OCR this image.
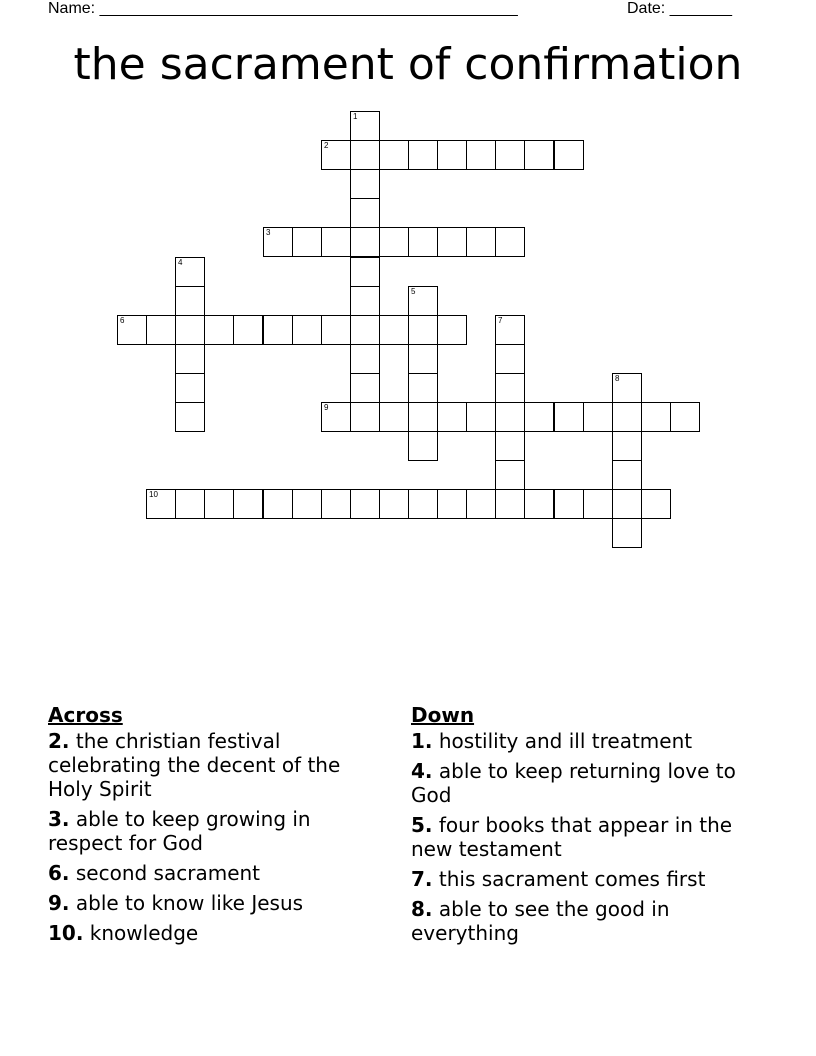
Name: _______________________________________________	Date: _______
the sacrament of confirmation
1
2
3
4
5
6	7
8
9
10
Across
2. the christian festival celebrating the decent of the Holy Spirit
3. able to keep growing in respect for God
6. second sacrament
9. able to know like Jesus
10. knowledge
Down
1. hostility and ill treatment
4. able to keep returning love to God
5. four books that appear in the new testament
7. this sacrament comes first
8. able to see the good in everything
